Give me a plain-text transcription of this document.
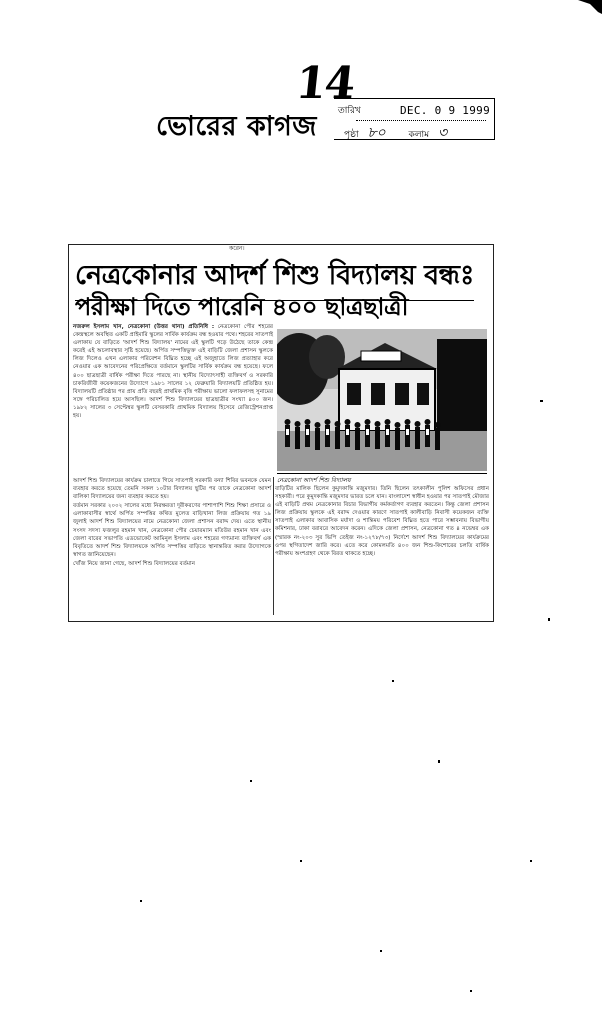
14
ভোরের কাগজ তারিখ	DEC. 0 9 1999
পৃষ্ঠা ৮০	কলাম ৩
করেন।
নেত্রকোনার আদর্শ শিশু বিদ্যালয় বন্ধঃ
পরীক্ষা দিতে পারেনি ৪০০ ছাত্রছাত্রী

নজরুল ইসলাম খান, নেত্রকোনা (উত্তর থানা) প্রতিনিধি : নেত্রকোনা পৌর শহরের কেন্দ্রস্থলে অবস্থিত একটি প্রাইমারি স্কুলের সার্বিক কার্যক্রম বন্ধ হওয়ার পথে। শহরের সাতপাই এলাকায় যে বাড়িতে 'আদর্শ শিশু বিদ্যালয়' নামের এই স্কুলটি গড়ে উঠেছে তাকে কেন্দ্র করেই এই অচলাবস্থার সৃষ্টি হয়েছে। অর্পিত সম্পত্তিভুক্ত এই বাড়িটি জেলা প্রশাসন স্কুলকে লিজ দিলেও এখন এলাকার পরিবেশন বিঘ্নিত হচ্ছে এই অজুহাতে লিজ প্রত্যাহার করে নেওয়ার এক আবেদনের পরিপ্রেক্ষিতে বর্তমানে স্কুলটির সার্বিক কার্যক্রম বন্ধ হয়েছে। ফলে ৪০০ ছাত্রছাত্রী বার্ষিক পরীক্ষা দিতে পারছে না। স্থানীয় বিদ্যোৎসাহী ব্যক্তিবর্গ ও সরকারি চাকরিজীবী কয়েকজনের উদ্যোগে ১৯৮১ সালের ১২ ফেব্রুয়ারি বিদ্যালয়টি প্রতিষ্ঠিত হয়। বিদ্যালয়টি প্রতিষ্ঠার পর প্রায় প্রতি বছরই প্রাথমিক বৃত্তি পরীক্ষায় ভালো ফলাফলসহ সুনামের সঙ্গে পরিচালিত হয়ে আসছিল। আদর্শ শিশু বিদ্যালয়ের ছাত্রছাত্রীর সংখ্যা ৪০০ জন। ১৯৮২ সালের ৩ সেপ্টেম্বর স্কুলটি বেসরকারি প্রাথমিক বিদ্যালয় হিসেবে রেজিস্ট্রেশনপ্রাপ্ত হয়।

নেত্রকোনা আদর্শ শিশু বিদ্যালয়

আদর্শ শিশু বিদ্যালয়ের কার্যক্রম চালাতে গিয়ে সাতপাই সরকারি বন্যা শিবির ভবনকে যেমন ব্যবহার করতে হয়েছে তেমনি সকল ১০টার বিদ্যালয় ছুটির পর তাকে নেত্রকোনা আদর্শ বালিকা বিদ্যালয়ের জন্য ব্যবহার করতে হয়।

বর্তমান সরকার ২০০২ সালের মধ্যে নিরক্ষরতা দূরীকরণের পাশাপাশি শিশু শিক্ষা প্রসারে ও এলাকাবাসীর স্বার্থে অর্পিত সম্পত্তির কথিত মুলেত বাড়িখানা লিজ প্রক্রিয়ায় গত ১৯ জুলাই আদর্শ শিশু বিদ্যালয়ের নামে নেত্রকোনা জেলা প্রশাসন বরাদ্দ দেয়। এতে স্থানীয় সংসদ সদস্য ফজলুর রহমান খান, নেত্রকোনা পৌর চেয়ারম্যান মতিউর রহমান খান এবং জেলা বারের সভাপতি এডভোকেট আমিনুল ইসলাম এবং শহরের গণ্যমান্য ব্যক্তিবর্গ এক বিবৃতিতে আদর্শ শিশু বিদ্যালয়কে অর্পিত সম্পত্তির বাড়িতে স্থানান্তরিত করার উদ্যোগকে স্বাগত জানিয়েছেন।

খোঁজ নিয়ে জানা গেছে, আদর্শ শিশু বিদ্যালয়ের বর্তমান

বাড়িটির মালিক ছিলেন কুমুদকান্তি মজুমদার। তিনি ছিলেন তৎকালীন পুলিশ অফিসের প্রধান সহকারী। পরে কুমুদকান্তি মজুমদার ভারত চলে যান। বাংলাদেশ স্বাধীন হওয়ার পর সাতপাই মৌজার এই বাড়িটি প্রথম নেত্রকোনার বিচার বিভাগীয় কর্মকর্তাগণ ব্যবহার করতেন। কিন্তু জেলা প্রশাসন লিজ প্রক্রিয়ায় স্কুলকে এই বরাদ্দ দেওয়ার কারণে সাতপাই কালীবাড়ি নিবাসী কয়েকজন ব্যক্তি সাতপাই এলাকার আবাসিক মর্যাদা ও শান্তিময় পরিবেশ বিঘ্নিত হতে পারে সম্ভাবনায় বিভাগীয় কমিশনার, ঢাকা বরাবরে আবেদন করেন। এদিকে জেলা প্রশাসন, নেত্রকোনা গত ৪ নভেম্বর এক (স্মারক নং-২০৩ সুর ভিপি তেইজ নং-১২৭৮/৭৩) নির্দেশে আদর্শ শিশু বিদ্যালয়ের কার্যক্রমের ওপর স্থগিতাদেশ জারি করে। এতে করে কোমলমতি ৪০০ জন শিশু-কিশোরের চলতি বার্ষিক পরীক্ষায় অংশগ্রহণ থেকে বিরত থাকতে হচ্ছে।
